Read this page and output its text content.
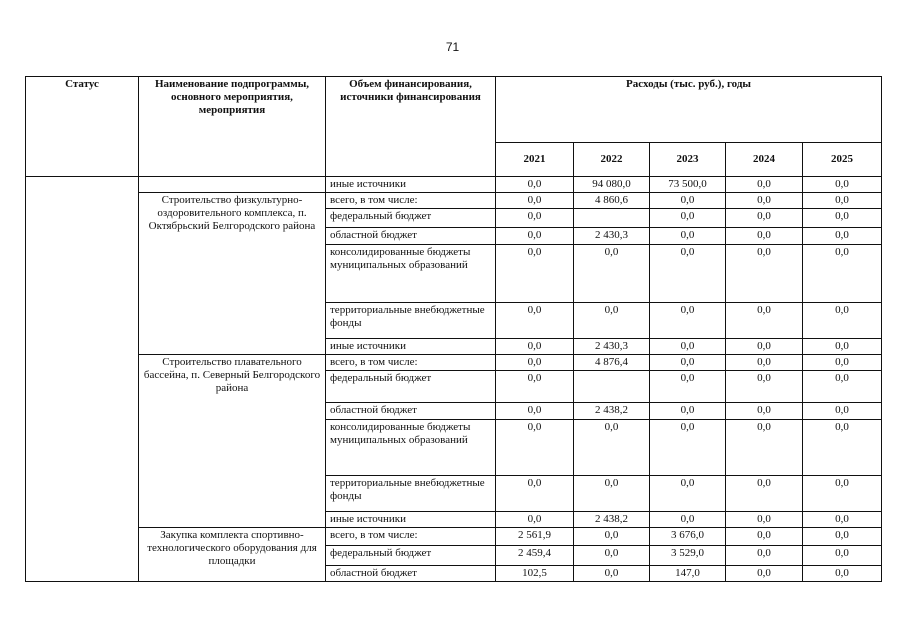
71
Статус	Наименование подпрограммы, основного мероприятия, мероприятия	Объем финансирования, источники финансирования	Расходы (тыс. руб.), годы				
			2021	2022	2023	2024	2025
		иные источники	0,0	94 080,0	73 500,0	0,0	0,0
	Строительство физкультурно-оздоровительного комплекса, п. Октябрьский Белгородского района	всего, в том числе:	0,0	4 860,6	0,0	0,0	0,0
		федеральный бюджет	0,0		0,0	0,0	0,0
		областной бюджет	0,0	2 430,3	0,0	0,0	0,0
		консолидированные бюджеты муниципальных образований	0,0	0,0	0,0	0,0	0,0
		территориальные внебюджетные фонды	0,0	0,0	0,0	0,0	0,0
		иные источники	0,0	2 430,3	0,0	0,0	0,0
	Строительство плавательного бассейна, п. Северный Белгородского района	всего, в том числе:	0,0	4 876,4	0,0	0,0	0,0
		федеральный бюджет	0,0		0,0	0,0	0,0
		областной бюджет	0,0	2 438,2	0,0	0,0	0,0
		консолидированные бюджеты муниципальных образований	0,0	0,0	0,0	0,0	0,0
		территориальные внебюджетные фонды	0,0	0,0	0,0	0,0	0,0
		иные источники	0,0	2 438,2	0,0	0,0	0,0
	Закупка комплекта спортивно-технологического оборудования для площадки	всего, в том числе:	2 561,9	0,0	3 676,0	0,0	0,0
		федеральный бюджет	2 459,4	0,0	3 529,0	0,0	0,0
		областной бюджет	102,5	0,0	147,0	0,0	0,0
